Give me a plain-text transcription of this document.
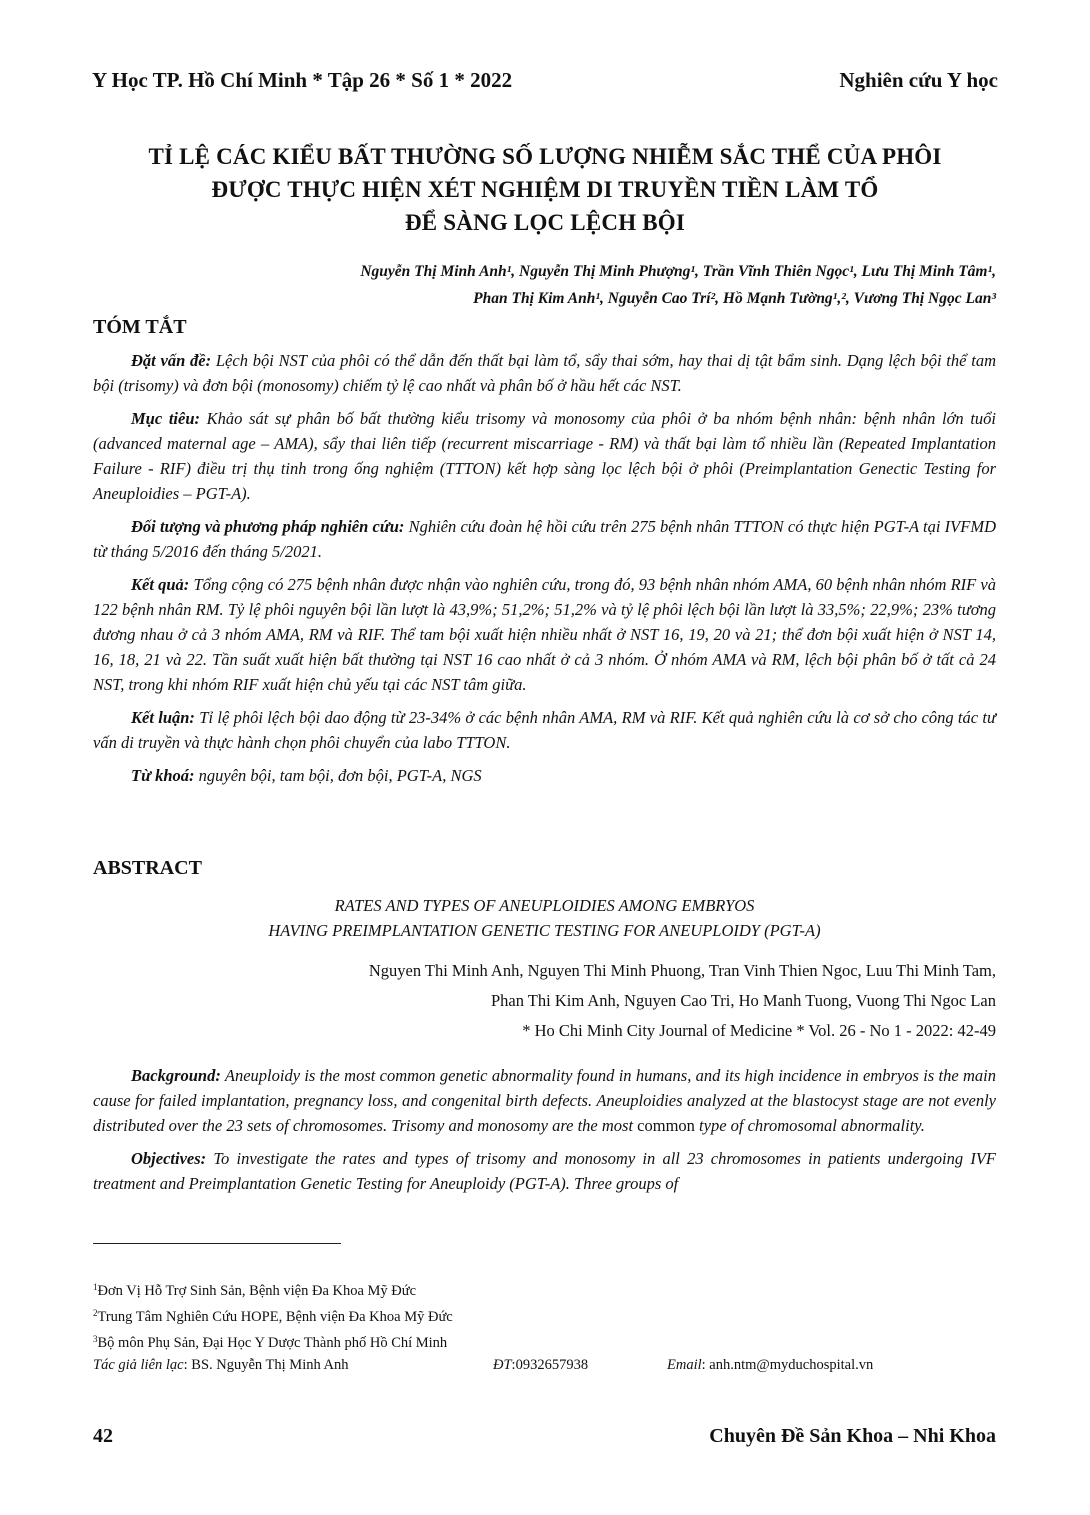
Y Học TP. Hồ Chí Minh * Tập 26 * Số 1 * 2022	Nghiên cứu Y học
TỈ LỆ CÁC KIỂU BẤT THƯỜNG SỐ LƯỢNG NHIỄM SẮC THỂ CỦA PHÔI
ĐƯỢC THỰC HIỆN XÉT NGHIỆM DI TRUYỀN TIỀN LÀM TỔ
ĐỂ SÀNG LỌC LỆCH BỘI
Nguyễn Thị Minh Anh¹, Nguyễn Thị Minh Phượng¹, Trần Vĩnh Thiên Ngọc¹, Lưu Thị Minh Tâm¹,
Phan Thị Kim Anh¹, Nguyễn Cao Trí², Hồ Mạnh Tường¹,², Vương Thị Ngọc Lan³
TÓM TẮT

Đặt vấn đề: Lệch bội NST của phôi có thể dẫn đến thất bại làm tổ, sẩy thai sớm, hay thai dị tật bẩm sinh. Dạng lệch bội thể tam bội (trisomy) và đơn bội (monosomy) chiếm tỷ lệ cao nhất và phân bố ở hầu hết các NST.

Mục tiêu: Khảo sát sự phân bố bất thường kiểu trisomy và monosomy của phôi ở ba nhóm bệnh nhân: bệnh nhân lớn tuổi (advanced maternal age – AMA), sẩy thai liên tiếp (recurrent miscarriage - RM) và thất bại làm tổ nhiều lần (Repeated Implantation Failure - RIF) điều trị thụ tinh trong ống nghiệm (TTTON) kết hợp sàng lọc lệch bội ở phôi (Preimplantation Genectic Testing for Aneuploidies – PGT-A).

Đối tượng và phương pháp nghiên cứu: Nghiên cứu đoàn hệ hồi cứu trên 275 bệnh nhân TTTON có thực hiện PGT-A tại IVFMD từ tháng 5/2016 đến tháng 5/2021.

Kết quả: Tổng cộng có 275 bệnh nhân được nhận vào nghiên cứu, trong đó, 93 bệnh nhân nhóm AMA, 60 bệnh nhân nhóm RIF và 122 bệnh nhân RM. Tỷ lệ phôi nguyên bội lần lượt là 43,9%; 51,2%; 51,2% và tỷ lệ phôi lệch bội lần lượt là 33,5%; 22,9%; 23% tương đương nhau ở cả 3 nhóm AMA, RM và RIF. Thể tam bội xuất hiện nhiều nhất ở NST 16, 19, 20 và 21; thể đơn bội xuất hiện ở NST 14, 16, 18, 21 và 22. Tần suất xuất hiện bất thường tại NST 16 cao nhất ở cả 3 nhóm. Ở nhóm AMA và RM, lệch bội phân bố ở tất cả 24 NST, trong khi nhóm RIF xuất hiện chủ yếu tại các NST tâm giữa.

Kết luận: Tỉ lệ phôi lệch bội dao động từ 23-34% ở các bệnh nhân AMA, RM và RIF. Kết quả nghiên cứu là cơ sở cho công tác tư vấn di truyền và thực hành chọn phôi chuyển của labo TTTON.

Từ khoá: nguyên bội, tam bội, đơn bội, PGT-A, NGS

ABSTRACT
RATES AND TYPES OF ANEUPLOIDIES AMONG EMBRYOS
HAVING PREIMPLANTATION GENETIC TESTING FOR ANEUPLOIDY (PGT-A)
Nguyen Thi Minh Anh, Nguyen Thi Minh Phuong, Tran Vinh Thien Ngoc, Luu Thi Minh Tam,
Phan Thi Kim Anh, Nguyen Cao Tri, Ho Manh Tuong, Vuong Thi Ngoc Lan
* Ho Chi Minh City Journal of Medicine * Vol. 26 - No 1 - 2022: 42-49

Background: Aneuploidy is the most common genetic abnormality found in humans, and its high incidence in embryos is the main cause for failed implantation, pregnancy loss, and congenital birth defects. Aneuploidies analyzed at the blastocyst stage are not evenly distributed over the 23 sets of chromosomes. Trisomy and monosomy are the most common type of chromosomal abnormality.

Objectives: To investigate the rates and types of trisomy and monosomy in all 23 chromosomes in patients undergoing IVF treatment and Preimplantation Genetic Testing for Aneuploidy (PGT-A). Three groups of

$^1$Đơn Vị Hỗ Trợ Sinh Sản, Bệnh viện Đa Khoa Mỹ Đức
$^2$Trung Tâm Nghiên Cứu HOPE, Bệnh viện Đa Khoa Mỹ Đức
$^3$Bộ môn Phụ Sản, Đại Học Y Dược Thành phố Hồ Chí Minh
Tác giả liên lạc: BS. Nguyễn Thị Minh Anh	ĐT:0932657938	Email: anh.ntm@myduchospital.vn
42	Chuyên Đề Sản Khoa – Nhi Khoa
